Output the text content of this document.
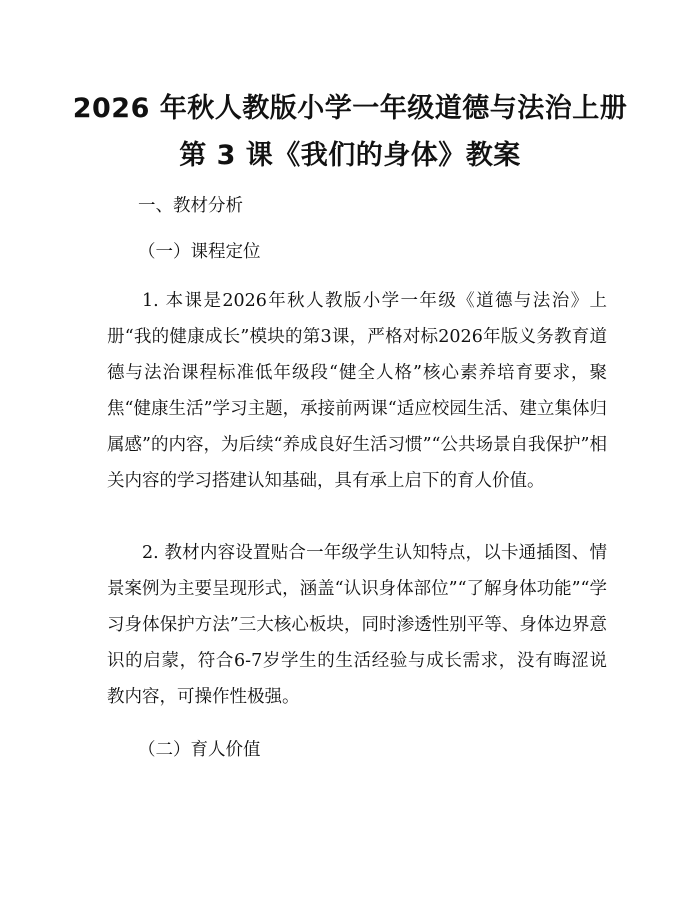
2026 年秋人教版小学一年级道德与法治上册
第 3 课《我们的身体》教案
一、教材分析
（一）课程定位
1. 本课是2026年秋人教版小学一年级《道德与法治》上册“我的健康成长”模块的第3课，严格对标2026年版义务教育道德与法治课程标准低年级段“健全人格”核心素养培育要求，聚焦“健康生活”学习主题，承接前两课“适应校园生活、建立集体归属感”的内容，为后续“养成良好生活习惯”“公共场景自我保护”相关内容的学习搭建认知基础，具有承上启下的育人价值。
2. 教材内容设置贴合一年级学生认知特点，以卡通插图、情景案例为主要呈现形式，涵盖“认识身体部位”“了解身体功能”“学习身体保护方法”三大核心板块，同时渗透性别平等、身体边界意识的启蒙，符合6-7岁学生的生活经验与成长需求，没有晦涩说教内容，可操作性极强。
（二）育人价值
